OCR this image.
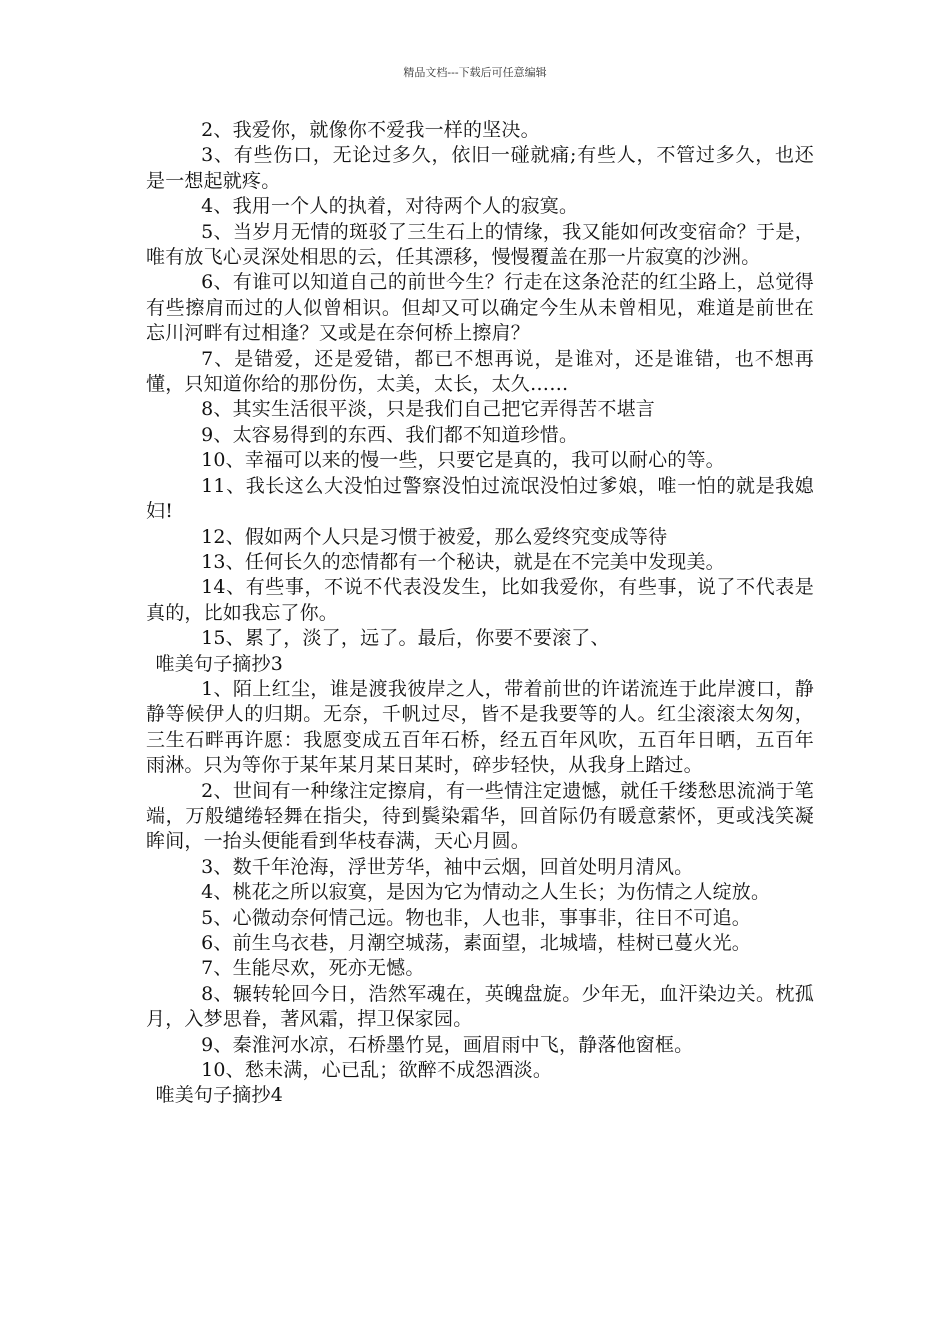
精品文档---下载后可任意编辑

2、我爱你，就像你不爱我一样的坚决。

3、有些伤口，无论过多久，依旧一碰就痛;有些人，不管过多久，也还是一想起就疼。

4、我用一个人的执着，对待两个人的寂寞。

5、当岁月无情的斑驳了三生石上的情缘，我又能如何改变宿命？于是，唯有放飞心灵深处相思的云，任其漂移，慢慢覆盖在那一片寂寞的沙洲。

6、有谁可以知道自己的前世今生？行走在这条沧茫的红尘路上，总觉得有些擦肩而过的人似曾相识。但却又可以确定今生从未曾相见，难道是前世在忘川河畔有过相逢？又或是在奈何桥上擦肩？

7、是错爱，还是爱错，都已不想再说，是谁对，还是谁错，也不想再懂，只知道你给的那份伤，太美，太长，太久……

8、其实生活很平淡，只是我们自己把它弄得苦不堪言

9、太容易得到的东西、我们都不知道珍惜。

10、幸福可以来的慢一些，只要它是真的，我可以耐心的等。

11、我长这么大没怕过警察没怕过流氓没怕过爹娘，唯一怕的就是我媳妇!

12、假如两个人只是习惯于被爱，那么爱终究变成等待

13、任何长久的恋情都有一个秘诀，就是在不完美中发现美。

14、有些事，不说不代表没发生，比如我爱你，有些事，说了不代表是真的，比如我忘了你。

15、累了，淡了，远了。最后，你要不要滚了、

唯美句子摘抄3

1、陌上红尘，谁是渡我彼岸之人，带着前世的许诺流连于此岸渡口，静静等候伊人的归期。无奈，千帆过尽，皆不是我要等的人。红尘滚滚太匆匆，三生石畔再许愿：我愿变成五百年石桥，经五百年风吹，五百年日晒，五百年雨淋。只为等你于某年某月某日某时，碎步轻快，从我身上踏过。

2、世间有一种缘注定擦肩，有一些情注定遗憾，就任千缕愁思流淌于笔端，万般缱绻轻舞在指尖，待到鬓染霜华，回首际仍有暖意萦怀，更或浅笑凝眸间，一抬头便能看到华枝春满，天心月圆。

3、数千年沧海，浮世芳华，袖中云烟，回首处明月清风。

4、桃花之所以寂寞，是因为它为情动之人生长；为伤情之人绽放。

5、心微动奈何情己远。物也非，人也非，事事非，往日不可追。

6、前生乌衣巷，月潮空城荡，素面望，北城墙，桂树已蔓火光。

7、生能尽欢，死亦无憾。

8、辗转轮回今日，浩然军魂在，英魄盘旋。少年无，血汗染边关。枕孤月，入梦思眷，著风霜，捍卫保家园。

9、秦淮河水凉，石桥墨竹晃，画眉雨中飞，静落他窗框。

10、愁未满，心已乱；欲醉不成怨酒淡。

唯美句子摘抄4
